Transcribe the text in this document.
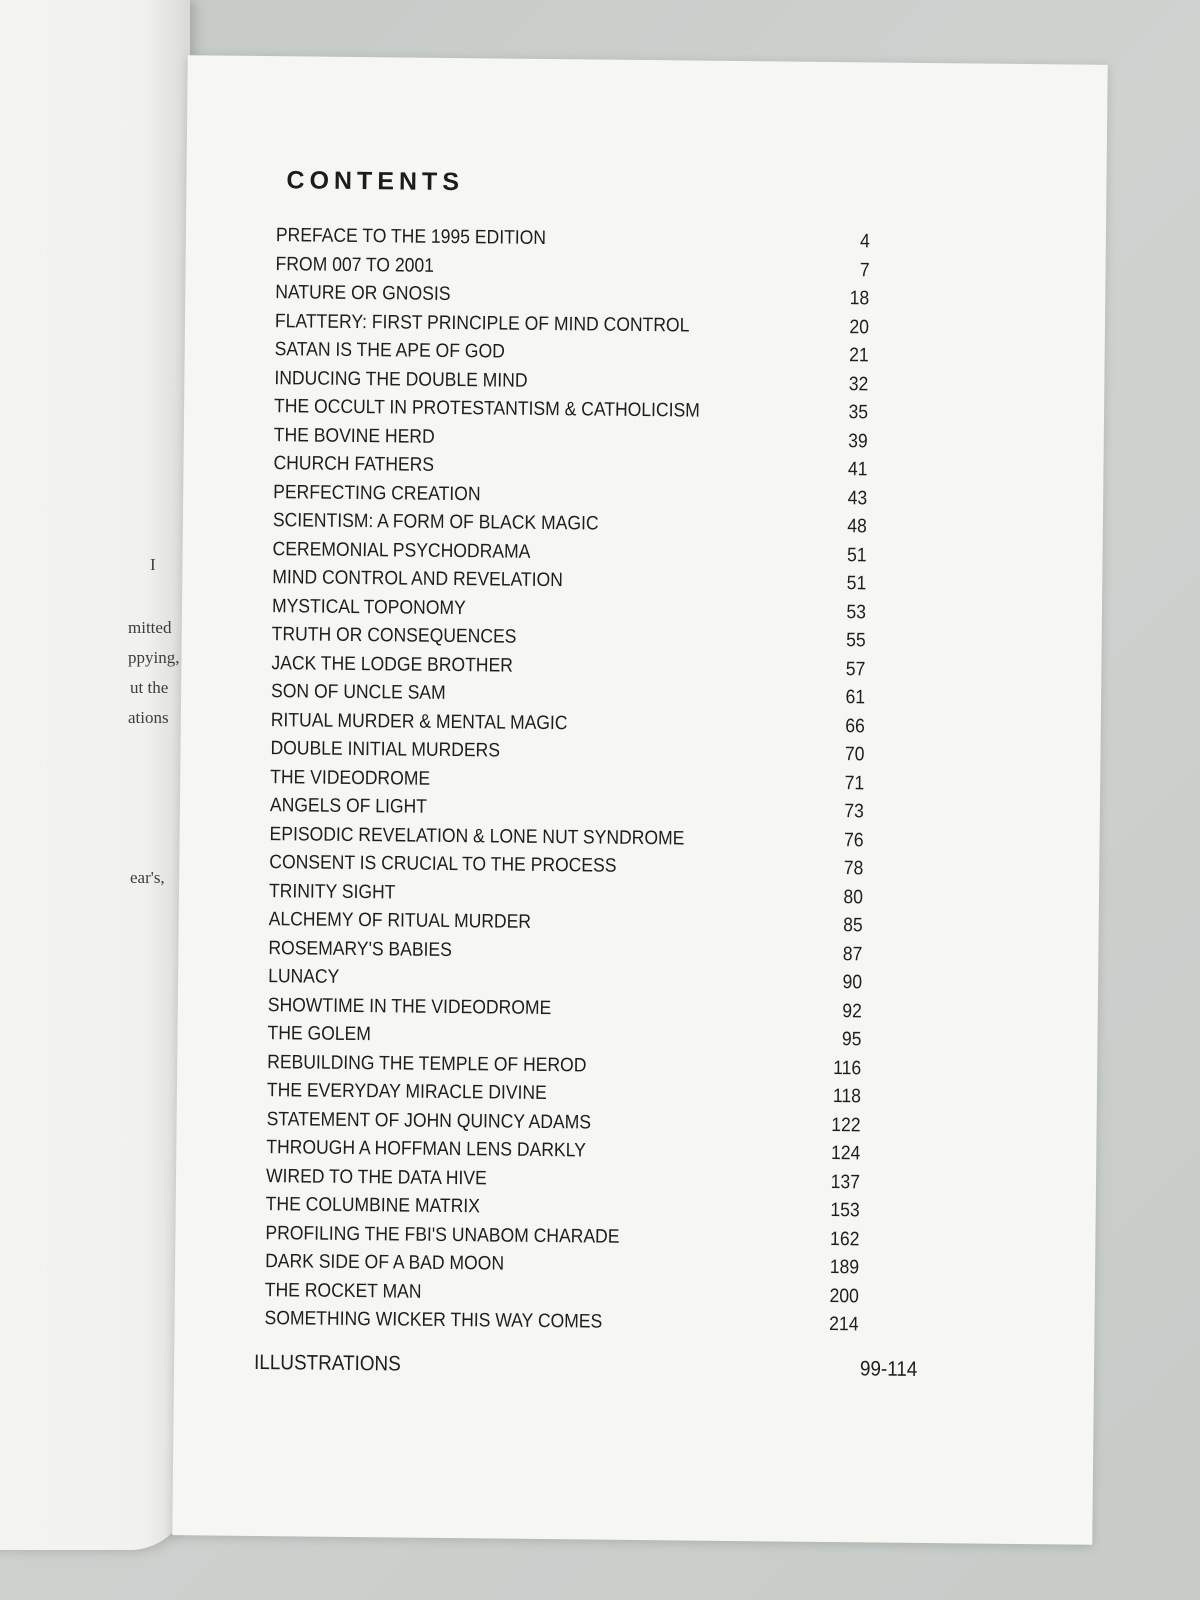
I

mitted

ppying,

ut the

ations

ear's,

CONTENTS
PREFACE TO THE 1995 EDITION	4
FROM 007 TO 2001	7
NATURE OR GNOSIS	18
FLATTERY: FIRST PRINCIPLE OF MIND CONTROL	20
SATAN IS THE APE OF GOD	21
INDUCING THE DOUBLE MIND	32
THE OCCULT IN PROTESTANTISM & CATHOLICISM	35
THE BOVINE HERD	39
CHURCH FATHERS	41
PERFECTING CREATION	43
SCIENTISM: A FORM OF BLACK MAGIC	48
CEREMONIAL PSYCHODRAMA	51
MIND CONTROL AND REVELATION	51
MYSTICAL TOPONOMY	53
TRUTH OR CONSEQUENCES	55
JACK THE LODGE BROTHER	57
SON OF UNCLE SAM	61
RITUAL MURDER & MENTAL MAGIC	66
DOUBLE INITIAL MURDERS	70
THE VIDEODROME	71
ANGELS OF LIGHT	73
EPISODIC REVELATION & LONE NUT SYNDROME	76
CONSENT IS CRUCIAL TO THE PROCESS	78
TRINITY SIGHT	80
ALCHEMY OF RITUAL MURDER	85
ROSEMARY'S BABIES	87
LUNACY	90
SHOWTIME IN THE VIDEODROME	92
THE GOLEM	95
REBUILDING THE TEMPLE OF HEROD	116
THE EVERYDAY MIRACLE DIVINE	118
STATEMENT OF JOHN QUINCY ADAMS	122
THROUGH A HOFFMAN LENS DARKLY	124
WIRED TO THE DATA HIVE	137
THE COLUMBINE MATRIX	153
PROFILING THE FBI'S UNABOM CHARADE	162
DARK SIDE OF A BAD MOON	189
THE ROCKET MAN	200
SOMETHING WICKER THIS WAY COMES	214
ILLUSTRATIONS	99-114
